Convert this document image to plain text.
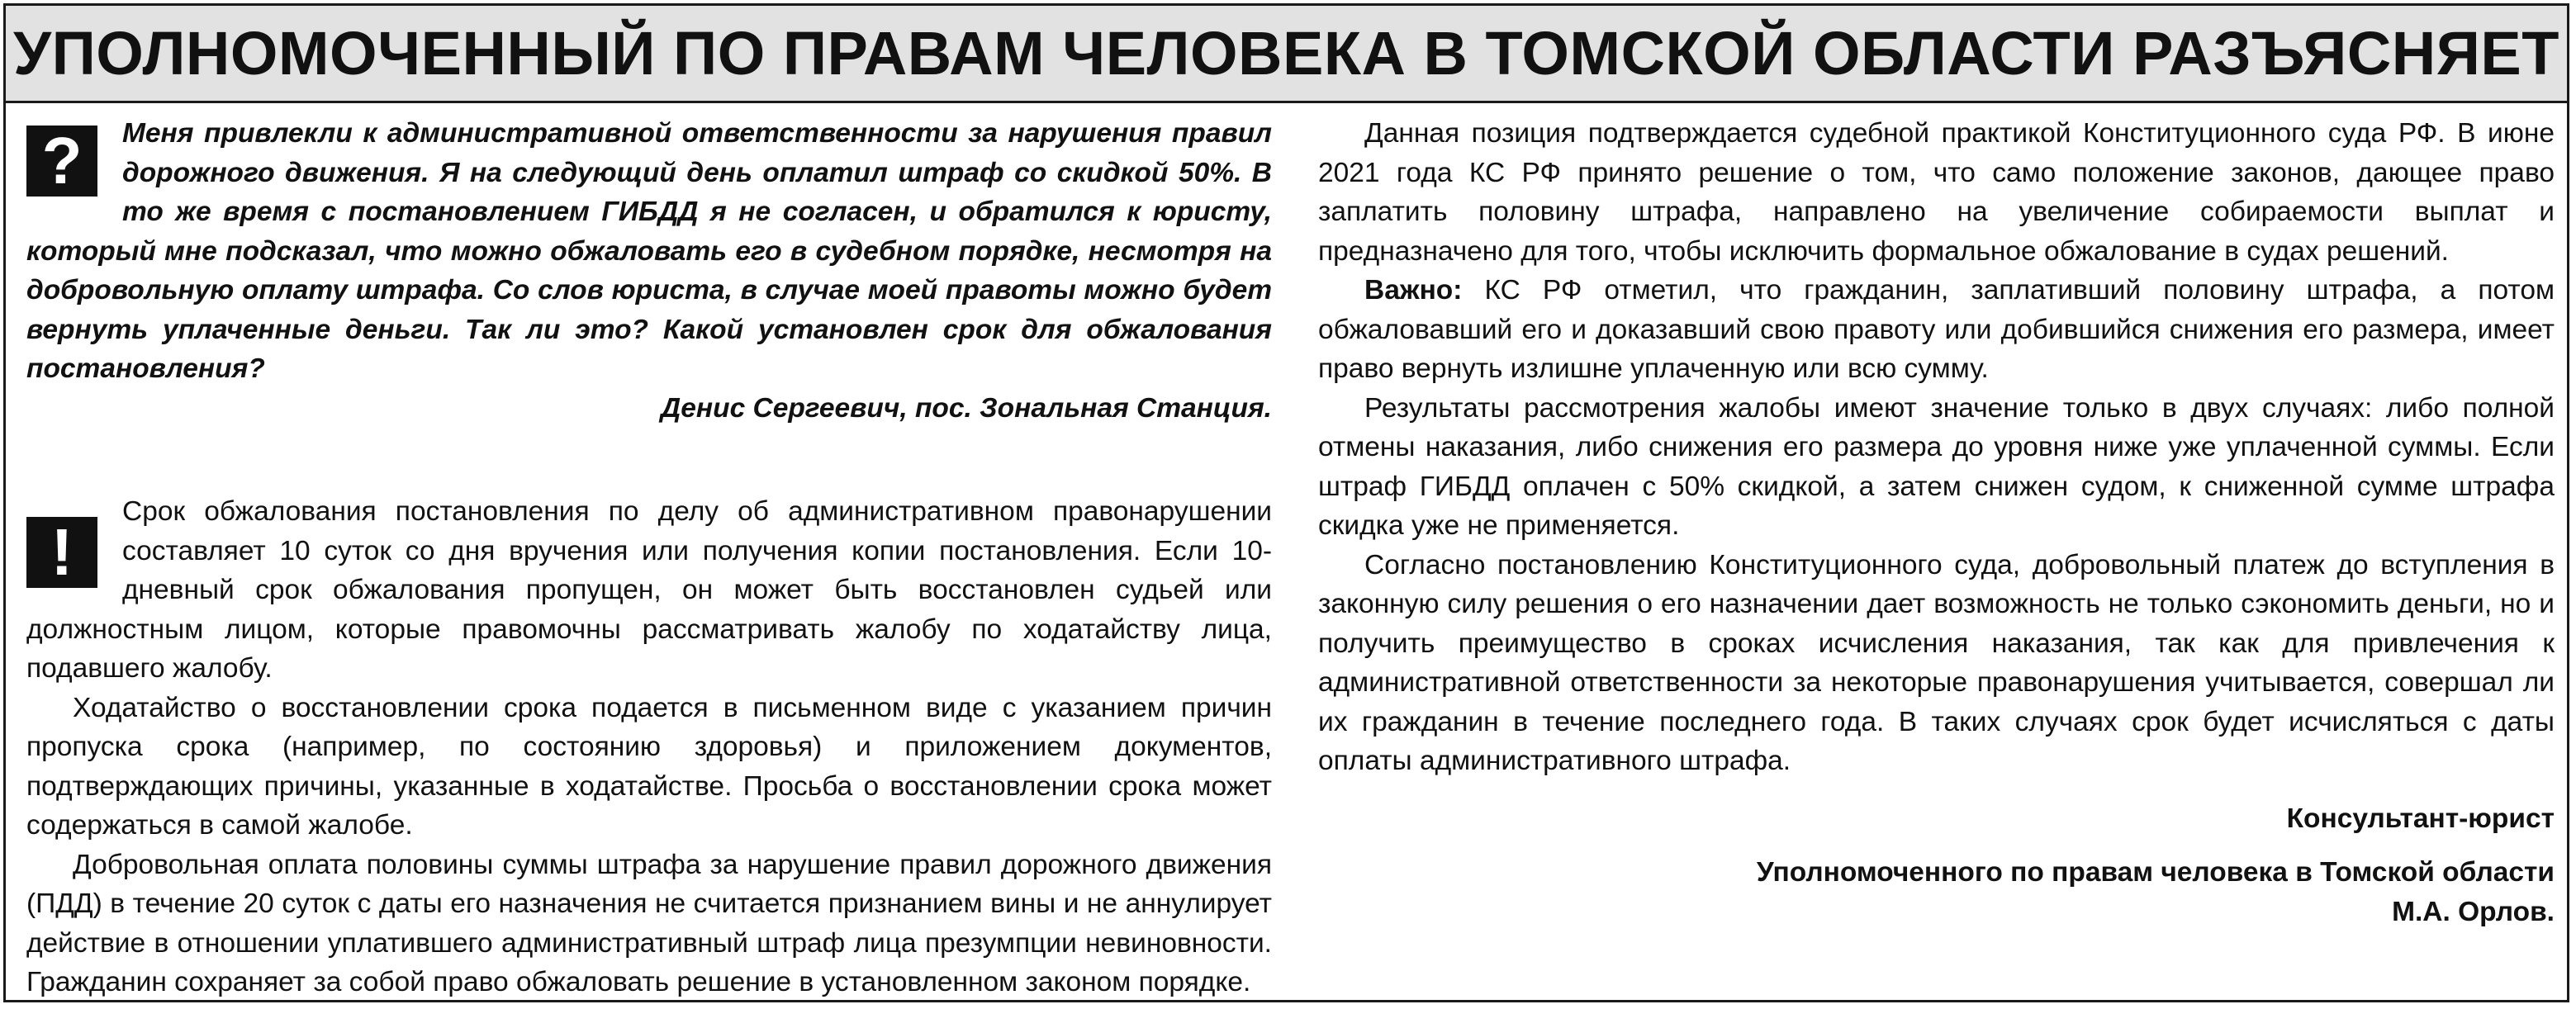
УПОЛНОМОЧЕННЫЙ ПО ПРАВАМ ЧЕЛОВЕКА В ТОМСКОЙ ОБЛАСТИ РАЗЪЯСНЯЕТ
?	Меня привлекли к административной ответственности за нарушения правил дорожного движения. Я на следующий день оплатил штраф со скидкой 50%. В то же время с постановлением ГИБДД я не согласен, и обратился к юристу, который мне подсказал, что можно обжаловать его в судебном порядке, несмотря на добровольную оплату штрафа. Со слов юриста, в случае моей правоты можно будет вернуть уплаченные деньги. Так ли это? Какой установлен срок для обжалования постановления?

Денис Сергеевич, пос. Зональная Станция.

!

Срок обжалования постановления по делу об административном правонарушении составляет 10 суток со дня вручения или получения копии постановления. Если 10-дневный срок обжалования пропущен, он может быть восстановлен судьей или должностным лицом, которые правомочны рассматривать жалобу по ходатайству лица, подавшего жалобу.

Ходатайство о восстановлении срока подается в письменном виде с указанием причин пропуска срока (например, по состоянию здоровья) и приложением документов, подтверждающих причины, указанные в ходатайстве. Просьба о восстановлении срока может содержаться в самой жалобе.

Добровольная оплата половины суммы штрафа за нарушение правил дорожного движения (ПДД) в течение 20 суток с даты его назначения не считается признанием вины и не аннулирует действие в отношении уплатившего административный штраф лица презумпции невиновности. Гражданин сохраняет за собой право обжаловать решение в установленном законом порядке.

Данная позиция подтверждается судебной практикой Конституционного суда РФ. В июне 2021 года КС РФ принято решение о том, что само положение законов, дающее право заплатить половину штрафа, направлено на увеличение собираемости выплат и предназначено для того, чтобы исключить формальное обжалование в судах решений.

Важно: КС РФ отметил, что гражданин, заплативший половину штрафа, а потом обжаловавший его и доказавший свою правоту или добившийся снижения его размера, имеет право вернуть излишне уплаченную или всю сумму.

Результаты рассмотрения жалобы имеют значение только в двух случаях: либо полной отмены наказания, либо снижения его размера до уровня ниже уже уплаченной суммы. Если штраф ГИБДД оплачен с 50% скидкой, а затем снижен судом, к сниженной сумме штрафа скидка уже не применяется.

Согласно постановлению Конституционного суда, добровольный платеж до вступления в законную силу решения о его назначении дает возможность не только сэкономить деньги, но и получить преимущество в сроках исчисления наказания, так как для привлечения к административной ответственности за некоторые правонарушения учитывается, совершал ли их гражданин в течение последнего года. В таких случаях срок будет исчисляться с даты оплаты административного штрафа.

Консультант-юрист

Уполномоченного по правам человека в Томской области

М.А. Орлов.
